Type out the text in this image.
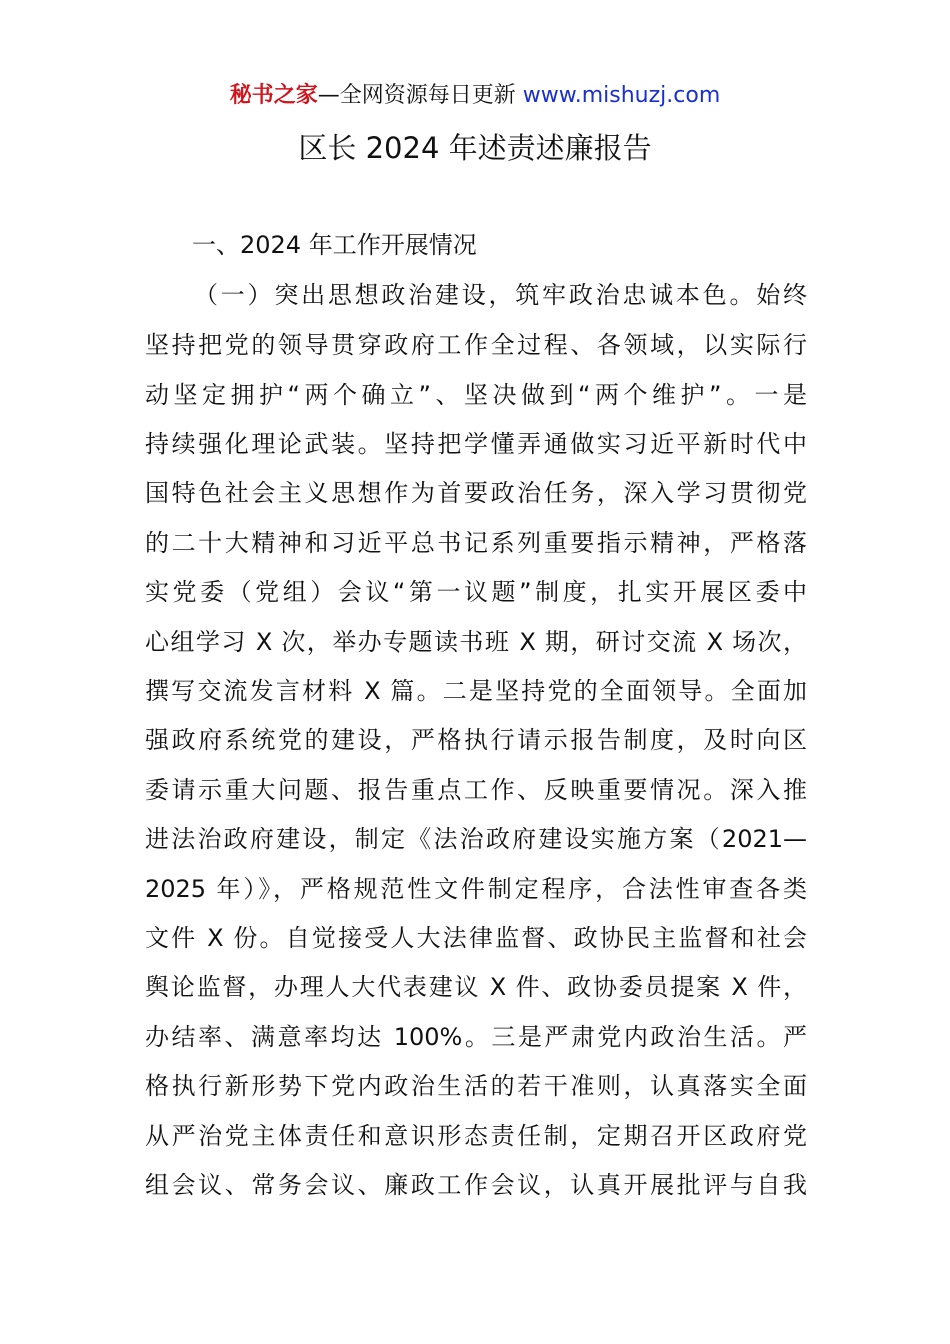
秘书之家—全网资源每日更新 www.mishuzj.com
区长 2024 年述责述廉报告
一、2024 年工作开展情况
（一）突出思想政治建设，筑牢政治忠诚本色。始终
坚持把党的领导贯穿政府工作全过程、各领域，以实际行
动坚定拥护“两个确立”、坚决做到“两个维护”。一是
持续强化理论武装。坚持把学懂弄通做实习近平新时代中
国特色社会主义思想作为首要政治任务，深入学习贯彻党
的二十大精神和习近平总书记系列重要指示精神，严格落
实党委（党组）会议“第一议题”制度，扎实开展区委中
心组学习 X 次，举办专题读书班 X 期，研讨交流 X 场次，
撰写交流发言材料 X 篇。二是坚持党的全面领导。全面加
强政府系统党的建设，严格执行请示报告制度，及时向区
委请示重大问题、报告重点工作、反映重要情况。深入推
进法治政府建设，制定《法治政府建设实施方案（2021—
2025 年）》，严格规范性文件制定程序，合法性审查各类
文件 X 份。自觉接受人大法律监督、政协民主监督和社会
舆论监督，办理人大代表建议 X 件、政协委员提案 X 件，
办结率、满意率均达 100%。三是严肃党内政治生活。严
格执行新形势下党内政治生活的若干准则，认真落实全面
从严治党主体责任和意识形态责任制，定期召开区政府党
组会议、常务会议、廉政工作会议，认真开展批评与自我
